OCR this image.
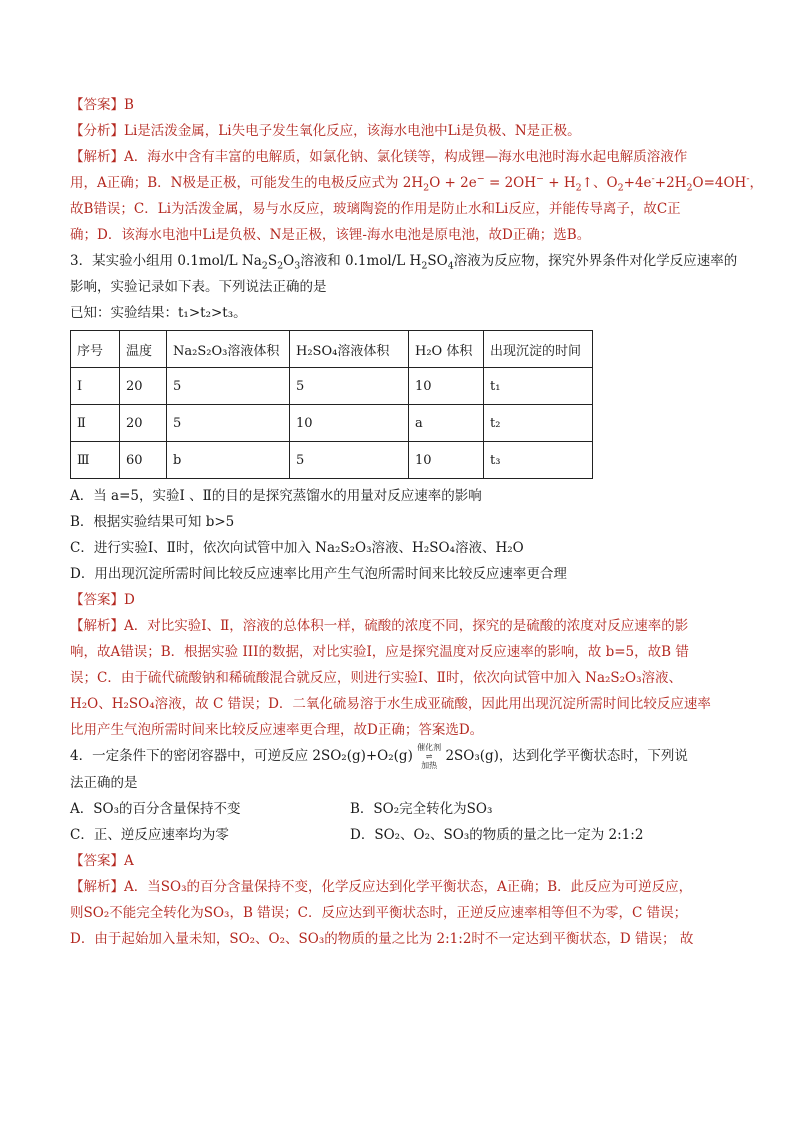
【答案】B
【分析】Li是活泼金属，Li失电子发生氧化反应，该海水电池中Li是负极、N是正极。
【解析】A．海水中含有丰富的电解质，如氯化钠、氯化镁等，构成锂—海水电池时海水起电解质溶液作
用，A正确；B．N极是正极，可能发生的电极反应式为 $2H_2O + 2e^- = 2OH^-$ + $H_2↑$、$O_2+4e^-+2H_2O=4OH^-$，
故B错误；C．Li为活泼金属，易与水反应，玻璃陶瓷的作用是防止水和Li反应，并能传导离子，故C正
确；D．该海水电池中Li是负极、N是正极，该锂-海水电池是原电池，故D正确；选B。
3．某实验小组用 0.1mol/L $Na_2S_2O_3$溶液和 0.1mol/L $H_2SO_4$溶液为反应物，探究外界条件对化学反应速率的
影响，实验记录如下表。下列说法正确的是
已知：实验结果：t₁>t₂>t₃。
序号	温度	Na₂S₂O₃溶液体积	H₂SO₄溶液体积	H₂O 体积	出现沉淀的时间
Ⅰ	20	5	5	10	t₁
Ⅱ	20	5	10	a	t₂
Ⅲ	60	b	5	10	t₃
A．当 a=5，实验Ⅰ 、Ⅱ的目的是探究蒸馏水的用量对反应速率的影响
B．根据实验结果可知 b>5
C．进行实验Ⅰ、Ⅱ时，依次向试管中加入 Na₂S₂O₃溶液、H₂SO₄溶液、H₂O
D．用出现沉淀所需时间比较反应速率比用产生气泡所需时间来比较反应速率更合理
【答案】D
【解析】A．对比实验Ⅰ、Ⅱ，溶液的总体积一样，硫酸的浓度不同，探究的是硫酸的浓度对反应速率的影
响，故A错误；B．根据实验 III的数据，对比实验Ⅰ，应是探究温度对反应速率的影响，故 b=5，故B 错
误；C．由于硫代硫酸钠和稀硫酸混合就反应，则进行实验Ⅰ、Ⅱ时，依次向试管中加入 Na₂S₂O₃溶液、
H₂O、H₂SO₄溶液，故 C 错误；D．二氧化硫易溶于水生成亚硫酸，因此用出现沉淀所需时间比较反应速率
比用产生气泡所需时间来比较反应速率更合理，故D正确；答案选D。
4．一定条件下的密闭容器中，可逆反应 2SO₂(g)+O₂(g) 催化剂
⇌
加热 2SO₃(g)，达到化学平衡状态时，下列说
法正确的是
A．SO₃的百分含量保持不变	B．SO₂完全转化为SO₃
C．正、逆反应速率均为零	D．SO₂、O₂、SO₃的物质的量之比一定为 2:1:2
【答案】A
【解析】A．当SO₃的百分含量保持不变，化学反应达到化学平衡状态，A正确；B．此反应为可逆反应，
则SO₂不能完全转化为SO₃，B 错误；C．反应达到平衡状态时，正逆反应速率相等但不为零，C 错误；
D．由于起始加入量未知，SO₂、O₂、SO₃的物质的量之比为 2:1:2时不一定达到平衡状态，D 错误； 故
